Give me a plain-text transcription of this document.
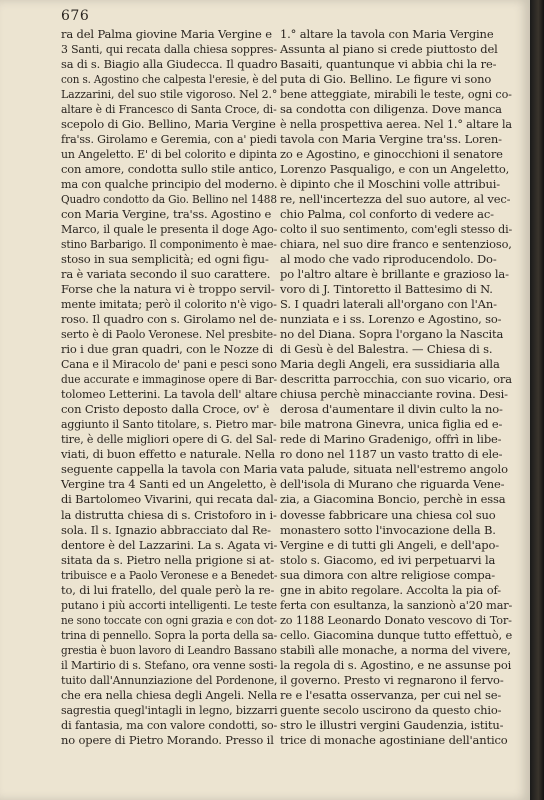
676
ra del Palma giovine Maria Vergine e
3 Santi, qui recata dalla chiesa soppres-
sa di s. Biagio alla Giudecca. Il quadro
con s. Agostino che calpesta l'eresie, è del
Lazzarini, del suo stile vigoroso. Nel 2.°
altare è di Francesco di Santa Croce, di-
scepolo di Gio. Bellino, Maria Vergine
fra'ss. Girolamo e Geremia, con a' piedi
un Angeletto. E' di bel colorito e dipinta
con amore, condotta sullo stile antico,
ma con qualche principio del moderno.
Quadro condotto da Gio. Bellino nel 1488
con Maria Vergine, tra'ss. Agostino e
Marco, il quale le presenta il doge Ago-
stino Barbarigo. Il componimento è mae-
stoso in sua semplicità; ed ogni figu-
ra è variata secondo il suo carattere.
Forse che la natura vi è troppo servil-
mente imitata; però il colorito n'è vigo-
roso. Il quadro con s. Girolamo nel de-
serto è di Paolo Veronese. Nel presbite-
rio i due gran quadri, con le Nozze di
Cana e il Miracolo de' pani e pesci sono
due accurate e immaginose opere di Bar-
tolomeo Letterini. La tavola dell' altare
con Cristo deposto dalla Croce, ov' è
aggiunto il Santo titolare, s. Pietro mar-
tire, è delle migliori opere di G. del Sal-
viati, di buon effetto e naturale. Nella
seguente cappella la tavola con Maria
Vergine tra 4 Santi ed un Angeletto, è
di Bartolomeo Vivarini, qui recata dal-
la distrutta chiesa di s. Cristoforo in i-
sola. Il s. Ignazio abbracciato dal Re-
dentore è del Lazzarini. La s. Agata vi-
sitata da s. Pietro nella prigione si at-
tribuisce e a Paolo Veronese e a Benedet-
to, di lui fratello, del quale però la re-
putano i più accorti intelligenti. Le teste
ne sono toccate con ogni grazia e con dot-
trina di pennello. Sopra la porta della sa-
grestia è buon lavoro di Leandro Bassano
il Martirio di s. Stefano, ora venne sosti-
tuito dall'Annunziazione del Pordenone,
che era nella chiesa degli Angeli. Nella
sagrestia quegl'intagli in legno, bizzarri
di fantasia, ma con valore condotti, so-
no opere di Pietro Morando. Presso il
1.° altare la tavola con Maria Vergine
Assunta al piano si crede piuttosto del
Basaiti, quantunque vi abbia chi la re-
puta di Gio. Bellino. Le figure vi sono
bene atteggiate, mirabili le teste, ogni co-
sa condotta con diligenza. Dove manca
è nella prospettiva aerea. Nel 1.° altare la
tavola con Maria Vergine tra'ss. Loren-
zo e Agostino, e ginocchioni il senatore
Lorenzo Pasqualigo, e con un Angeletto,
è dipinto che il Moschini volle attribui-
re, nell'incertezza del suo autore, al vec-
chio Palma, col conforto di vedere ac-
colto il suo sentimento, com'egli stesso di-
chiara, nel suo dire franco e sentenzioso,
al modo che vado riproducendolo. Do-
po l'altro altare è brillante e grazioso la-
voro di J. Tintoretto il Battesimo di N.
S. I quadri laterali all'organo con l'An-
nunziata e i ss. Lorenzo e Agostino, so-
no del Diana. Sopra l'organo la Nascita
di Gesù è del Balestra. — Chiesa di s.
Maria degli Angeli, era sussidiaria alla
descritta parrocchia, con suo vicario, ora
chiusa perchè minacciante rovina. Desi-
derosa d'aumentare il divin culto la no-
bile matrona Ginevra, unica figlia ed e-
rede di Marino Gradenigo, offrì in libe-
ro dono nel 1187 un vasto tratto di ele-
vata palude, situata nell'estremo angolo
dell'isola di Murano che riguarda Vene-
zia, a Giacomina Boncio, perchè in essa
dovesse fabbricare una chiesa col suo
monastero sotto l'invocazione della B.
Vergine e di tutti gli Angeli, e dell'apo-
stolo s. Giacomo, ed ivi perpetuarvi la
sua dimora con altre religiose compa-
gne in abito regolare. Accolta la pia of-
ferta con esultanza, la sanzionò a'20 mar-
zo 1188 Leonardo Donato vescovo di Tor-
cello. Giacomina dunque tutto effettuò, e
stabilì alle monache, a norma del vivere,
la regola di s. Agostino, e ne assunse poi
il governo. Presto vi regnarono il fervo-
re e l'esatta osservanza, per cui nel se-
guente secolo uscirono da questo chio-
stro le illustri vergini Gaudenzia, istitu-
trice di monache agostiniane dell'antico
